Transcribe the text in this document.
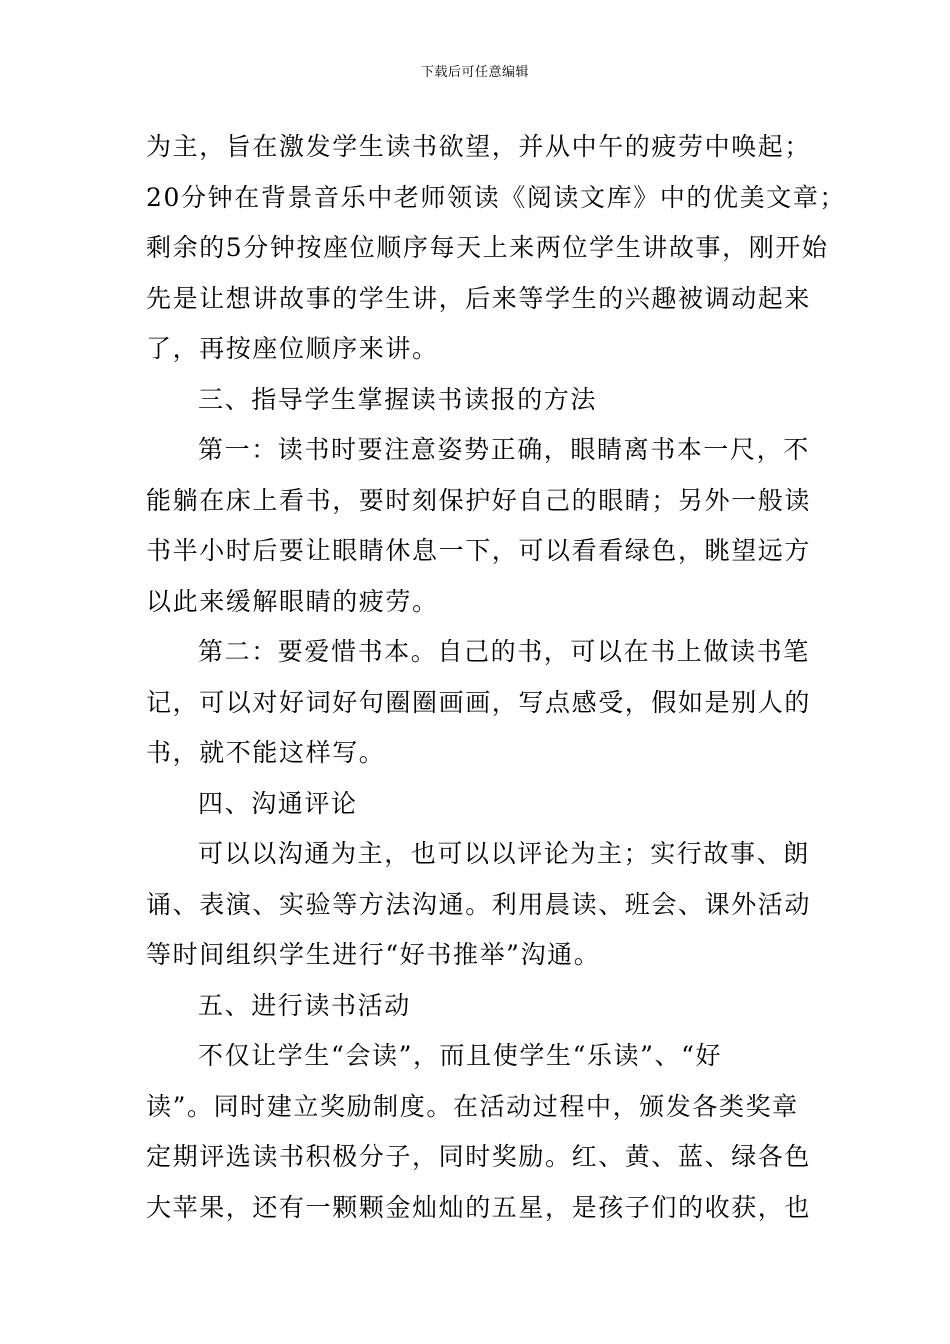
下载后可任意编辑
为主，旨在激发学生读书欲望，并从中午的疲劳中唤起；
20分钟在背景音乐中老师领读《阅读文库》中的优美文章；
剩余的5分钟按座位顺序每天上来两位学生讲故事，刚开始
先是让想讲故事的学生讲，后来等学生的兴趣被调动起来
了，再按座位顺序来讲。
三、指导学生掌握读书读报的方法
第一：读书时要注意姿势正确，眼睛离书本一尺，不
能躺在床上看书，要时刻保护好自己的眼睛；另外一般读
书半小时后要让眼睛休息一下，可以看看绿色，眺望远方
以此来缓解眼睛的疲劳。
第二：要爱惜书本。自己的书，可以在书上做读书笔
记，可以对好词好句圈圈画画，写点感受，假如是别人的
书，就不能这样写。
四、沟通评论
可以以沟通为主，也可以以评论为主；实行故事、朗
诵、表演、实验等方法沟通。利用晨读、班会、课外活动
等时间组织学生进行“好书推举”沟通。
五、进行读书活动
不仅让学生“会读”，而且使学生“乐读”、“好
读”。同时建立奖励制度。在活动过程中，颁发各类奖章
定期评选读书积极分子，同时奖励。红、黄、蓝、绿各色
大苹果，还有一颗颗金灿灿的五星，是孩子们的收获，也
